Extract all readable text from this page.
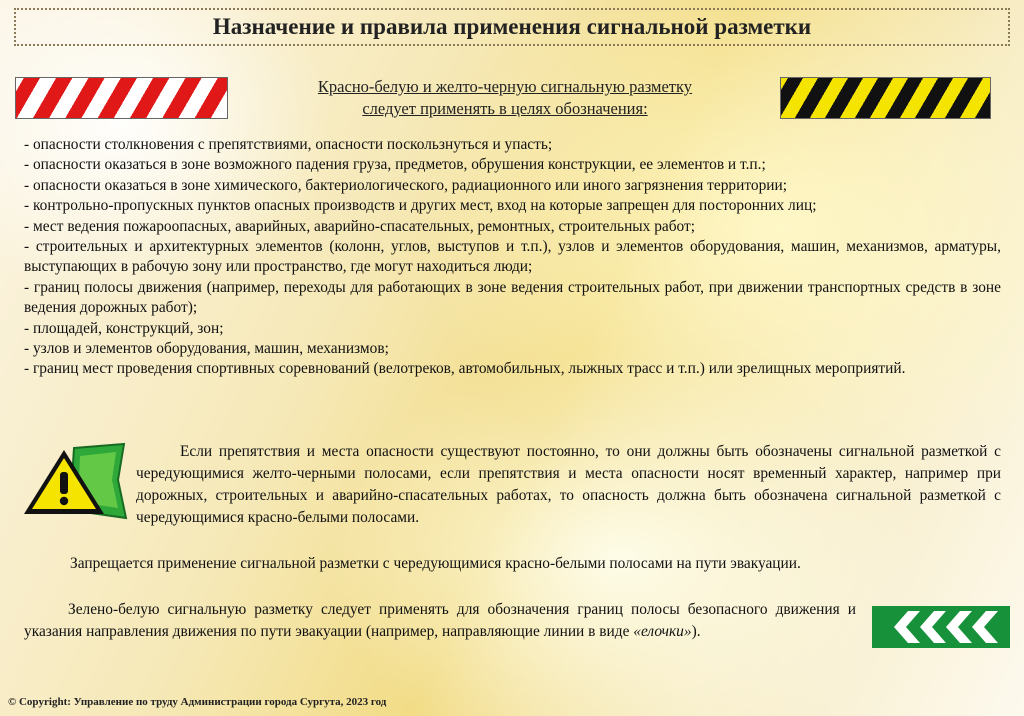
Назначение и правила применения сигнальной разметки
Красно-белую и желто-черную сигнальную разметку
следует применять в целях обозначения:
- опасности столкновения с препятствиями, опасности поскользнуться и упасть;
- опасности оказаться в зоне возможного падения груза, предметов, обрушения конструкции, ее элементов и т.п.;
- опасности оказаться в зоне химического, бактериологического, радиационного или иного загрязнения территории;
- контрольно-пропускных пунктов опасных производств и других мест, вход на которые запрещен для посторонних лиц;
- мест ведения пожароопасных, аварийных, аварийно-спасательных, ремонтных, строительных работ;
- строительных и архитектурных элементов (колонн, углов, выступов и т.п.), узлов и элементов оборудования, машин, механизмов, арматуры, выступающих в рабочую зону или пространство, где могут находиться люди;
- границ полосы движения (например, переходы для работающих в зоне ведения строительных работ, при движении транспортных средств в зоне ведения дорожных работ);
- площадей, конструкций, зон;
- узлов и элементов оборудования, машин, механизмов;
- границ мест проведения спортивных соревнований (велотреков, автомобильных, лыжных трасс и т.п.) или зрелищных мероприятий.

Если препятствия и места опасности существуют постоянно, то они должны быть обозначены сигнальной разметкой с чередующимися желто-черными полосами, если препятствия и места опасности носят временный характер, например при дорожных, строительных и аварийно-спасательных работах, то опасность должна быть обозначена сигнальной разметкой с чередующимися красно-белыми полосами.

Запрещается применение сигнальной разметки с чередующимися красно-белыми полосами на пути эвакуации.

Зелено-белую сигнальную разметку следует применять для обозначения границ полосы безопасного движения и указания направления движения по пути эвакуации (например, направляющие линии в виде «елочки»).

© Copyright: Управление по труду Администрации города Сургута, 2023 год
